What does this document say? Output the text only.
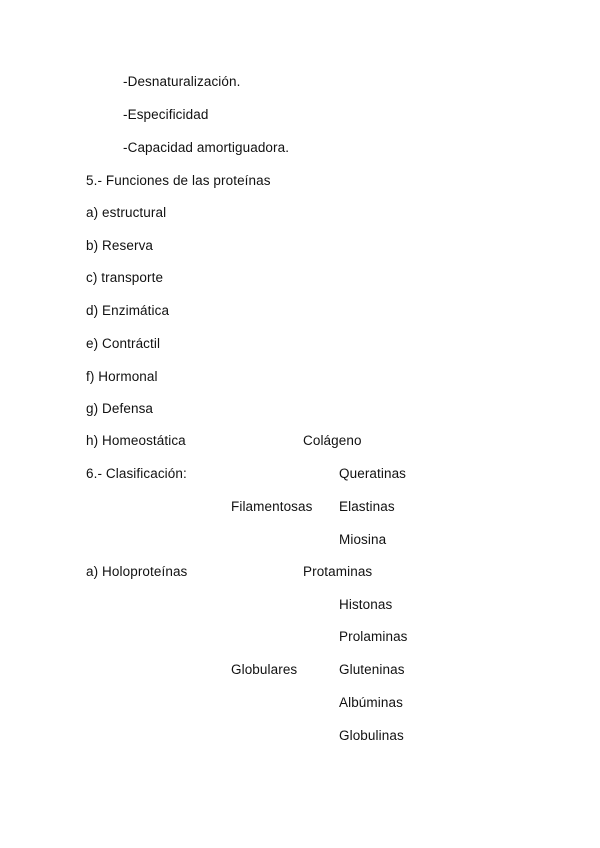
-Desnaturalización.
-Especificidad
-Capacidad amortiguadora.
5.- Funciones de las proteínas
a) estructural
b) Reserva
c) transporte
d) Enzimática
e) Contráctil
f) Hormonal
g) Defensa
h) Homeostática	Colágeno
6.- Clasificación:	Queratinas
Filamentosas Elastinas
Miosina
a) Holoproteínas	Protaminas
Histonas
Prolaminas
Globulares	Gluteninas
Albúminas
Globulinas
